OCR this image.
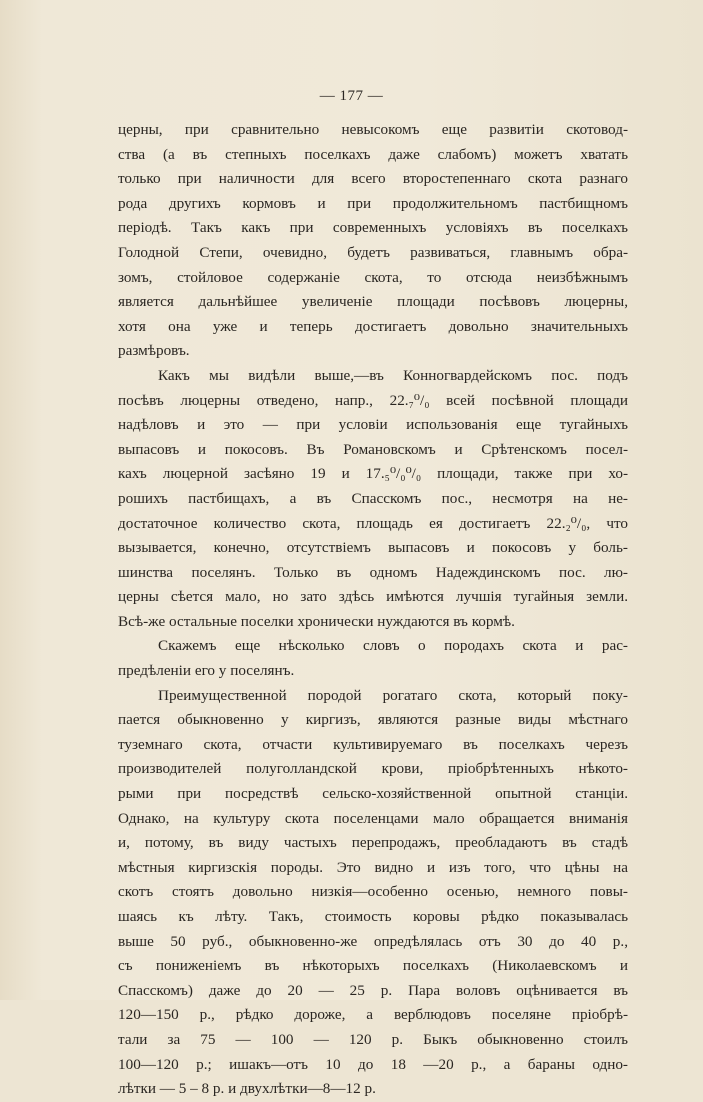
— 177 —
церны, при сравнительно невысокомъ еще развитіи скотовод-
ства (а въ степныхъ поселкахъ даже слабомъ) можетъ хватать
только при наличности для всего второстепеннаго скота разнаго
рода другихъ кормовъ и при продолжительномъ пастбищномъ
періодѣ. Такъ какъ при современныхъ условіяхъ въ поселкахъ
Голодной Степи, очевидно, будетъ развиваться, главнымъ обра-
зомъ, стойловое содержаніе скота, то отсюда неизбѣжнымъ
является дальнѣйшее увеличеніе площади посѣвовъ люцерны,
хотя она уже и теперь достигаетъ довольно значительныхъ
размѣровъ.
Какъ мы видѣли выше,—въ Конногвардейскомъ пос. подъ
посѣвъ люцерны отведено, напр., 22.₇⁰/₀ всей посѣвной площади
надѣловъ и это — при условіи использованія еще тугайныхъ
выпасовъ и покосовъ. Въ Романовскомъ и Срѣтенскомъ посел-
кахъ люцерной засѣяно 19 и 17.₅⁰/₀⁰/₀ площади, также при хо-
рошихъ пастбищахъ, а въ Спасскомъ пос., несмотря на не-
достаточное количество скота, площадь ея достигаетъ 22.₂⁰/₀, что
вызывается, конечно, отсутствіемъ выпасовъ и покосовъ у боль-
шинства поселянъ. Только въ одномъ Надеждинскомъ пос. лю-
церны сѣется мало, но зато здѣсь имѣются лучшія тугайныя земли.
Всѣ-же остальные поселки хронически нуждаются въ кормѣ.
Скажемъ еще нѣсколько словъ о породахъ скота и рас-
предѣленіи его у поселянъ.
Преимущественной породой рогатаго скота, который поку-
пается обыкновенно у киргизъ, являются разные виды мѣстнаго
туземнаго скота, отчасти культивируемаго въ поселкахъ черезъ
производителей полуголландской крови, пріобрѣтенныхъ нѣкото-
рыми при посредствѣ сельско-хозяйственной опытной станціи.
Однако, на культуру скота поселенцами мало обращается вниманія
и, потому, въ виду частыхъ перепродажъ, преобладаютъ въ стадѣ
мѣстныя киргизскія породы. Это видно и изъ того, что цѣны на
скотъ стоятъ довольно низкія—особенно осенью, немного повы-
шаясь къ лѣту. Такъ, стоимость коровы рѣдко показывалась
выше 50 руб., обыкновенно-же опредѣлялась отъ 30 до 40 р.,
съ пониженіемъ въ нѣкоторыхъ поселкахъ (Николаевскомъ и
Спасскомъ) даже до 20 — 25 р. Пара воловъ оцѣнивается въ
120—150 р., рѣдко дороже, а верблюдовъ поселяне пріобрѣ-
тали за 75 — 100 — 120 р. Быкъ обыкновенно стоилъ
100—120 р.; ишакъ—отъ 10 до 18 —20 р., а бараны одно-
лѣтки — 5 – 8 р. и двухлѣтки—8—12 р.
